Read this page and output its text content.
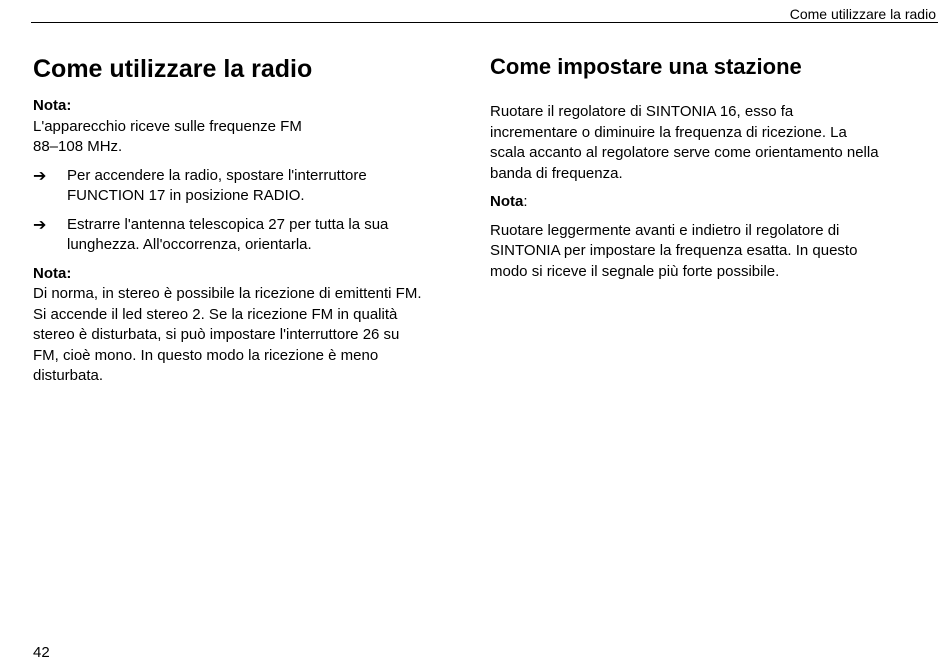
Come utilizzare la radio
Come utilizzare la radio
Nota:
L'apparecchio riceve sulle frequenze FM

88–108 MHz.

➔	Per accendere la radio, spostare l'interruttore
FUNCTION 17 in posizione RADIO.
➔	Estrarre l'antenna telescopica 27 per tutta la sua
lunghezza. All'occorrenza, orientarla.
Nota:
Di norma, in stereo è possibile la ricezione di emittenti FM.
Si accende il led stereo 2. Se la ricezione FM in qualità
stereo è disturbata, si può impostare l'interruttore 26 su
FM, cioè mono. In questo modo la ricezione è meno
disturbata.
Come impostare una stazione

Ruotare il regolatore di SINTONIA 16, esso fa
incrementare o diminuire la frequenza di ricezione. La
scala accanto al regolatore serve come orientamento nella
banda di frequenza.

Nota:

Ruotare leggermente avanti e indietro il regolatore di
SINTONIA per impostare la frequenza esatta. In questo
modo si riceve il segnale più forte possibile.

42
